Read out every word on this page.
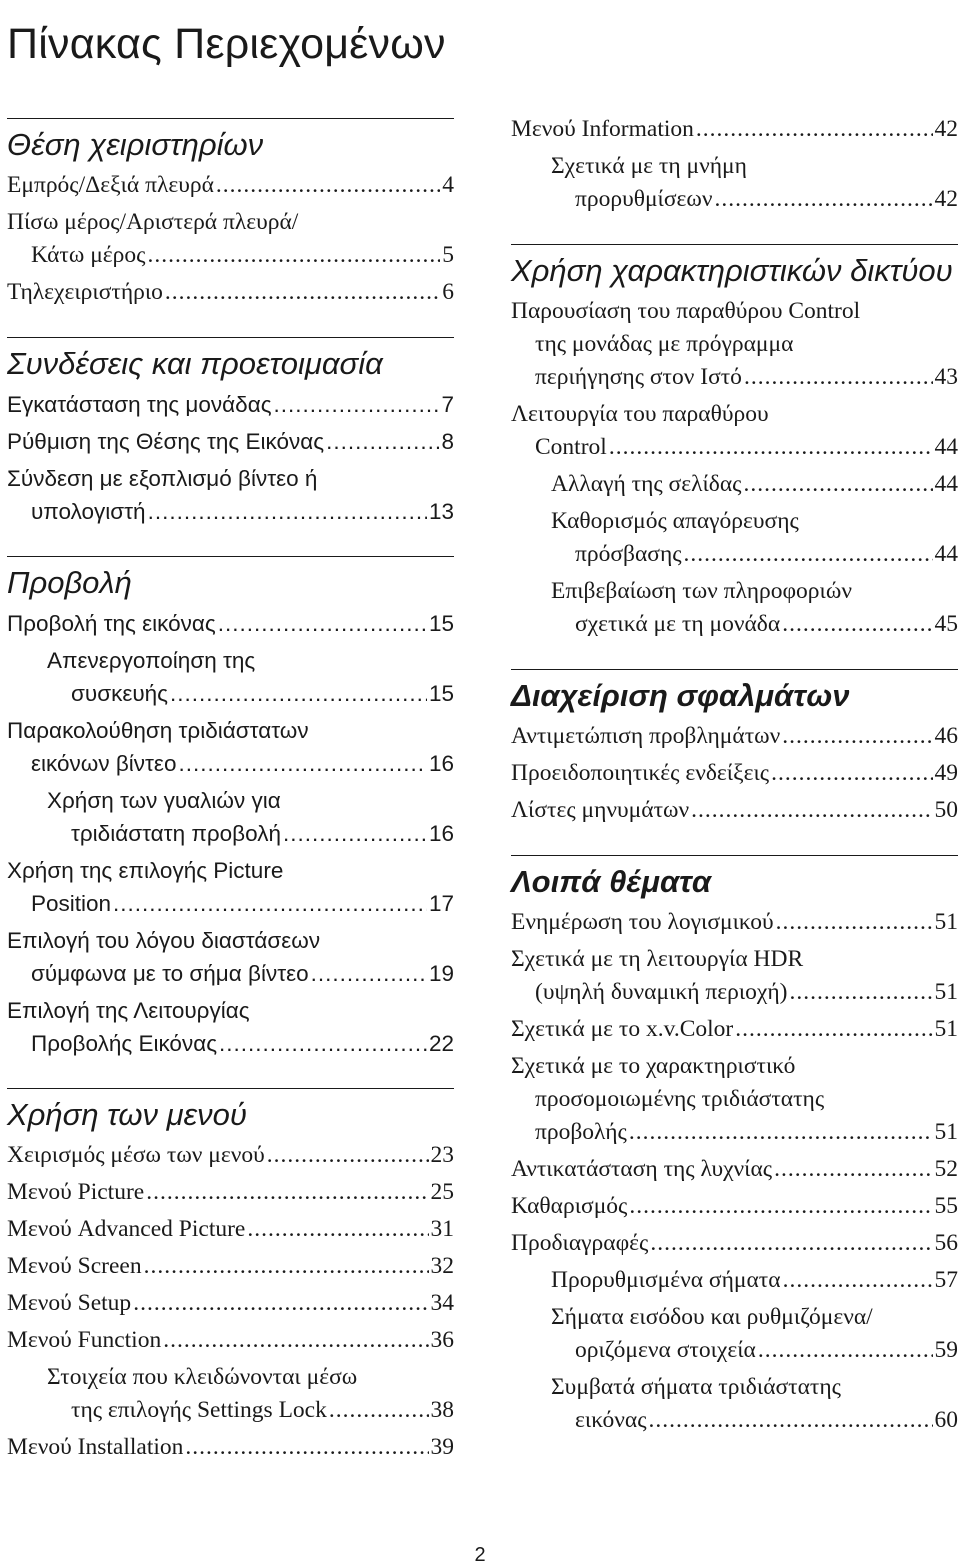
Πίνακας Περιεχομένων
Θέση χειριστηρίων
Εμπρός/Δεξιά πλευρά .....	4
Πίσω μέρος/Αριστερά πλευρά/
Κάτω μέρος .....	5
Τηλεχειριστήριο .....	6
Συνδέσεις και προετοιμασία
Εγκατάσταση της μονάδας .....	7
Ρύθμιση της Θέσης της Εικόνας .....	8
Σύνδεση με εξοπλισμό βίντεο ή
υπολογιστή .....	13
Προβολή
Προβολή της εικόνας .....	15
Απενεργοποίηση της
συσκευής .....	15
Παρακολούθηση τριδιάστατων
εικόνων βίντεο .....	16
Χρήση των γυαλιών για
τριδιάστατη προβολή .....	16
Χρήση της επιλογής Picture
Position .....	17
Επιλογή του λόγου διαστάσεων
σύμφωνα με το σήμα βίντεο .....	19
Επιλογή της Λειτουργίας
Προβολής Εικόνας .....	22
Χρήση των μενού
Χειρισμός μέσω των μενού .....	23
Μενού Picture .....	25
Μενού Advanced Picture .....	31
Μενού Screen .....	32
Μενού Setup .....	34
Μενού Function .....	36
Στοιχεία που κλειδώνονται μέσω
της επιλογής Settings Lock .....	38
Μενού Installation .....	39
Μενού Information .....	42
Σχετικά με τη μνήμη
προρυθμίσεων .....	42
Χρήση χαρακτηριστικών δικτύου
Παρουσίαση του παραθύρου Control
της μονάδας με πρόγραμμα
περιήγησης στον Ιστό .....	43
Λειτουργία του παραθύρου
Control .....	44
Αλλαγή της σελίδας .....	44
Καθορισμός απαγόρευσης
πρόσβασης .....	44
Επιβεβαίωση των πληροφοριών
σχετικά με τη μονάδα .....	45
Διαχείριση σφαλμάτων
Αντιμετώπιση προβλημάτων .....	46
Προειδοποιητικές ενδείξεις .....	49
Λίστες μηνυμάτων .....	50
Λοιπά θέματα
Ενημέρωση του λογισμικού .....	51
Σχετικά με τη λειτουργία HDR
(υψηλή δυναμική περιοχή) .....	51
Σχετικά με το x.v.Color .....	51
Σχετικά με το χαρακτηριστικό
προσομοιωμένης τριδιάστατης
προβολής .....	51
Αντικατάσταση της λυχνίας .....	52
Καθαρισμός .....	55
Προδιαγραφές .....	56
Προρυθμισμένα σήματα .....	57
Σήματα εισόδου και ρυθμιζόμενα/
οριζόμενα στοιχεία .....	59
Συμβατά σήματα τριδιάστατης
εικόνας .....	60
2
